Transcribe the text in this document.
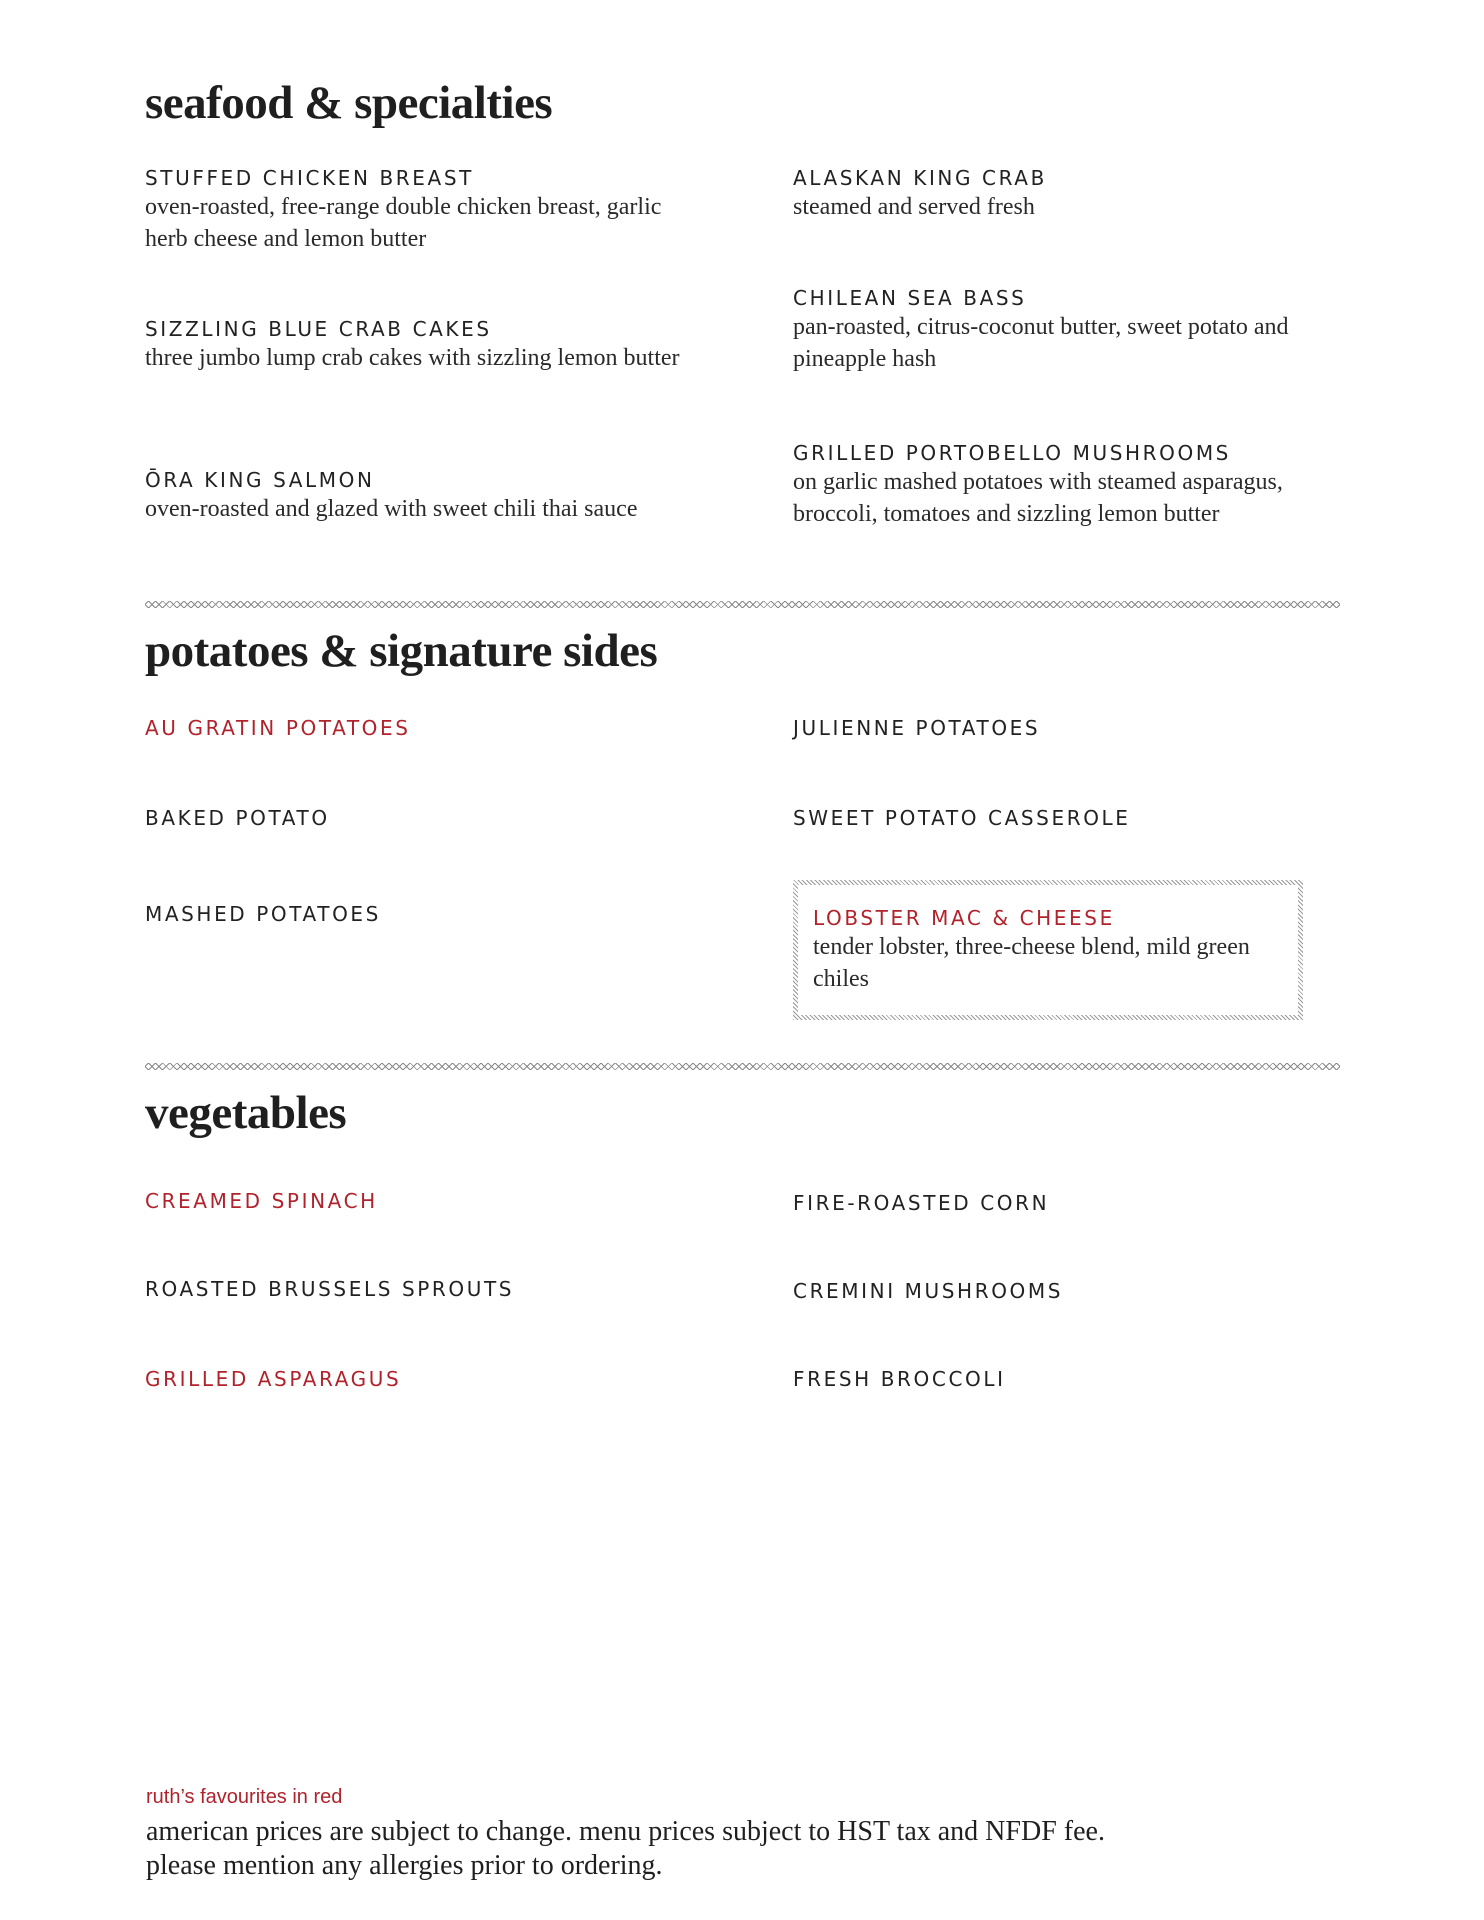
seafood & specialties
STUFFED CHICKEN BREAST
oven-roasted, free-range double chicken breast, garlic herb cheese and lemon butter
SIZZLING BLUE CRAB CAKES
three jumbo lump crab cakes with sizzling lemon butter
ŌRA KING SALMON
oven-roasted and glazed with sweet chili thai sauce
ALASKAN KING CRAB
steamed and served fresh
CHILEAN SEA BASS
pan-roasted, citrus-coconut butter, sweet potato and pineapple hash
GRILLED PORTOBELLO MUSHROOMS
on garlic mashed potatoes with steamed asparagus, broccoli, tomatoes and sizzling lemon butter
potatoes & signature sides
AU GRATIN POTATOES
BAKED POTATO
MASHED POTATOES
JULIENNE POTATOES
SWEET POTATO CASSEROLE
LOBSTER MAC & CHEESE
tender lobster, three-cheese blend, mild green chiles
vegetables
CREAMED SPINACH
ROASTED BRUSSELS SPROUTS
GRILLED ASPARAGUS
FIRE-ROASTED CORN
CREMINI MUSHROOMS
FRESH BROCCOLI
ruth’s favourites in red
american prices are subject to change. menu prices subject to HST tax and NFDF fee.
please mention any allergies prior to ordering.
